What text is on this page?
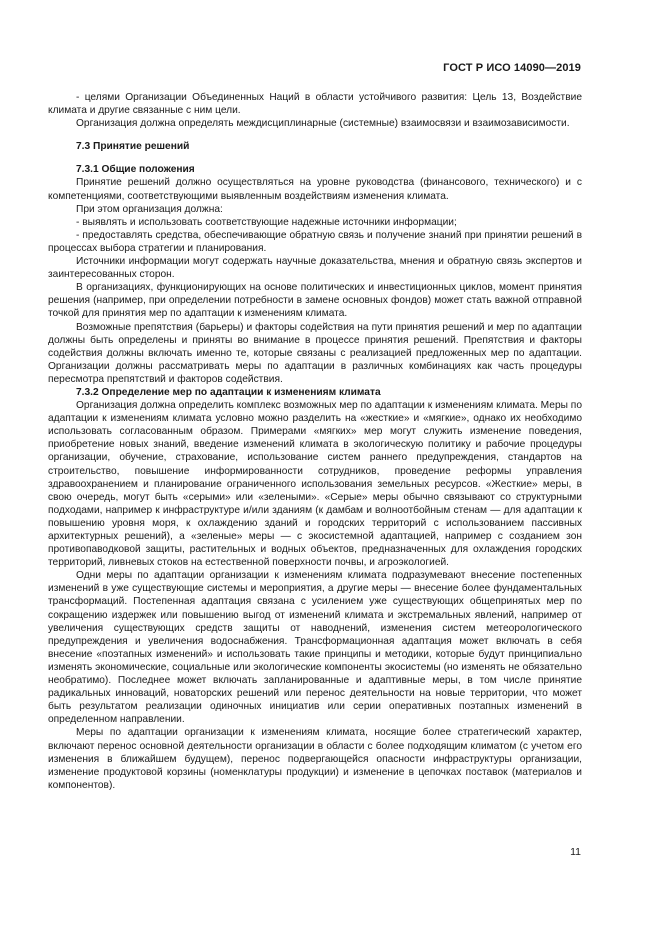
ГОСТ Р ИСО 14090—2019

- целями Организации Объединенных Наций в области устойчивого развития: Цель 13, Воздействие климата и другие связанные с ним цели.

Организация должна определять междисциплинарные (системные) взаимосвязи и взаимозависимости.

7.3 Принятие решений

7.3.1 Общие положения

Принятие решений должно осуществляться на уровне руководства (финансового, технического) и с компетенциями, соответствующими выявленным воздействиям изменения климата.

При этом организация должна:

- выявлять и использовать соответствующие надежные источники информации;

- предоставлять средства, обеспечивающие обратную связь и получение знаний при принятии решений в процессах выбора стратегии и планирования.

Источники информации могут содержать научные доказательства, мнения и обратную связь экспертов и заинтересованных сторон.

В организациях, функционирующих на основе политических и инвестиционных циклов, момент принятия решения (например, при определении потребности в замене основных фондов) может стать важной отправной точкой для принятия мер по адаптации к изменениям климата.

Возможные препятствия (барьеры) и факторы содействия на пути принятия решений и мер по адаптации должны быть определены и приняты во внимание в процессе принятия решений. Препятствия и факторы содействия должны включать именно те, которые связаны с реализацией предложенных мер по адаптации. Организации должны рассматривать меры по адаптации в различных комбинациях как часть процедуры пересмотра препятствий и факторов содействия.

7.3.2 Определение мер по адаптации к изменениям климата

Организация должна определить комплекс возможных мер по адаптации к изменениям климата. Меры по адаптации к изменениям климата условно можно разделить на «жесткие» и «мягкие», однако их необходимо использовать согласованным образом. Примерами «мягких» мер могут служить изменение поведения, приобретение новых знаний, введение изменений климата в экологическую политику и рабочие процедуры организации, обучение, страхование, использование систем раннего предупреждения, стандартов на строительство, повышение информированности сотрудников, проведение реформы управления здравоохранением и планирование ограниченного использования земельных ресурсов. «Жесткие» меры, в свою очередь, могут быть «серыми» или «зелеными». «Серые» меры обычно связывают со структурными подходами, например к инфраструктуре и/или зданиям (к дамбам и волноотбойным стенам — для адаптации к повышению уровня моря, к охлаждению зданий и городских территорий с использованием пассивных архитектурных решений), а «зеленые» меры — с экосистемной адаптацией, например с созданием зон противопаводковой защиты, растительных и водных объектов, предназначенных для охлаждения городских территорий, ливневых стоков на естественной поверхности почвы, и агроэкологией.

Одни меры по адаптации организации к изменениям климата подразумевают внесение постепенных изменений в уже существующие системы и мероприятия, а другие меры — внесение более фундаментальных трансформаций. Постепенная адаптация связана с усилением уже существующих общепринятых мер по сокращению издержек или повышению выгод от изменений климата и экстремальных явлений, например от увеличения существующих средств защиты от наводнений, изменения систем метеорологического предупреждения и увеличения водоснабжения. Трансформационная адаптация может включать в себя внесение «поэтапных изменений» и использовать такие принципы и методики, которые будут принципиально изменять экономические, социальные или экологические компоненты экосистемы (но изменять не обязательно необратимо). Последнее может включать запланированные и адаптивные меры, в том числе принятие радикальных инноваций, новаторских решений или перенос деятельности на новые территории, что может быть результатом реализации одиночных инициатив или серии оперативных поэтапных изменений в определенном направлении.

Меры по адаптации организации к изменениям климата, носящие более стратегический характер, включают перенос основной деятельности организации в области с более подходящим климатом (с учетом его изменения в ближайшем будущем), перенос подвергающейся опасности инфраструктуры организации, изменение продуктовой корзины (номенклатуры продукции) и изменение в цепочках поставок (материалов и компонентов).

11
